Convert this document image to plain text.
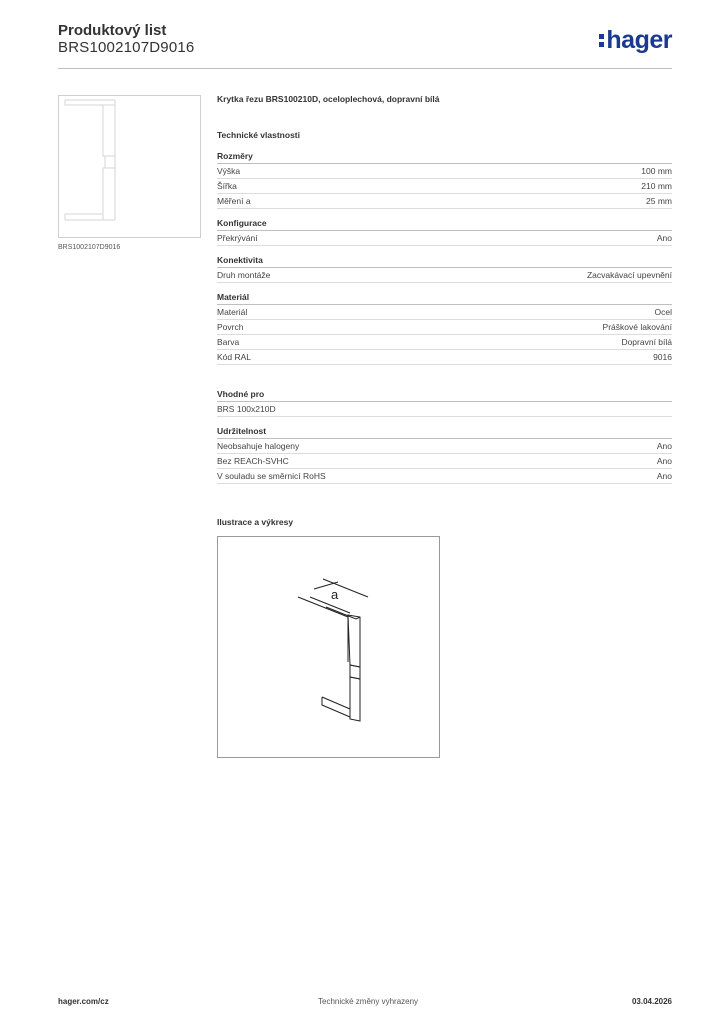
Produktový list
BRS1002107D9016	hager
BRS1002107D9016
Krytka řezu BRS100210D, oceloplechová, dopravní bílá
Technické vlastnosti
Rozměry
Výška	100 mm
Šířka	210 mm
Měření a	25 mm
Konfigurace
Překrývání	Ano
Konektivita
Druh montáže	Zacvakávací upevnění
Materiál
Materiál	Ocel
Povrch	Práškové lakování
Barva	Dopravní bílá
Kód RAL	9016
Vhodné pro
BRS 100x210D
Udržitelnost
Neobsahuje halogeny	Ano
Bez REACh-SVHC	Ano
V souladu se směrnicí RoHS	Ano
Ilustrace a výkresy
a
hager.com/cz	Technické změny vyhrazeny	03.04.2026
